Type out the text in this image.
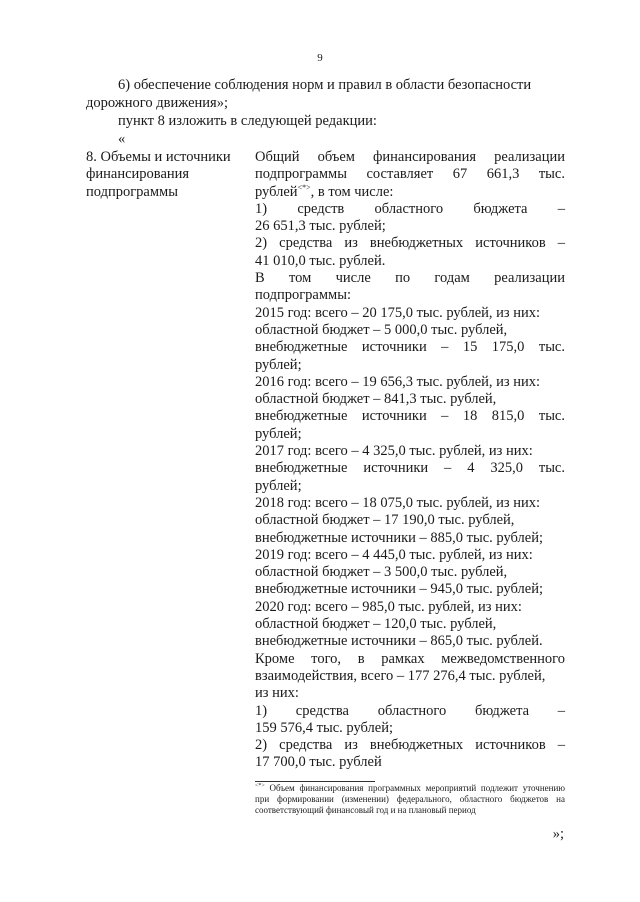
9
6) обеспечение соблюдения норм и правил в области безопасности
дорожного движения»;
пункт 8 изложить в следующей редакции:
«
8. Объемы и источники
финансирования
подпрограммы
Общий объем финансирования реализации
подпрограммы составляет 67 661,3 тыс.
рублей<*>, в том числе:
1) средств областного бюджета –
26 651,3 тыс. рублей;
2) средства из внебюджетных источников –
41 010,0 тыс. рублей.
В том числе по годам реализации
подпрограммы:
2015 год: всего – 20 175,0 тыс. рублей, из них:
областной бюджет – 5 000,0 тыс. рублей,
внебюджетные источники – 15 175,0 тыс.
рублей;
2016 год: всего – 19 656,3 тыс. рублей, из них:
областной бюджет – 841,3 тыс. рублей,
внебюджетные источники – 18 815,0 тыс.
рублей;
2017 год: всего – 4 325,0 тыс. рублей, из них:
внебюджетные источники – 4 325,0 тыс.
рублей;
2018 год: всего – 18 075,0 тыс. рублей, из них:
областной бюджет – 17 190,0 тыс. рублей,
внебюджетные источники – 885,0 тыс. рублей;
2019 год: всего – 4 445,0 тыс. рублей, из них:
областной бюджет – 3 500,0 тыс. рублей,
внебюджетные источники – 945,0 тыс. рублей;
2020 год: всего – 985,0 тыс. рублей, из них:
областной бюджет – 120,0 тыс. рублей,
внебюджетные источники – 865,0 тыс. рублей.
Кроме того, в рамках межведомственного
взаимодействия, всего – 177 276,4 тыс. рублей,
из них:
1) средства областного бюджета –
159 576,4 тыс. рублей;
2) средства из внебюджетных источников –
17 700,0 тыс. рублей
<*> Объем финансирования программных мероприятий подлежит уточнению при формировании (изменении) федерального, областного бюджетов на соответствующий финансовый год и на плановый период
»;
